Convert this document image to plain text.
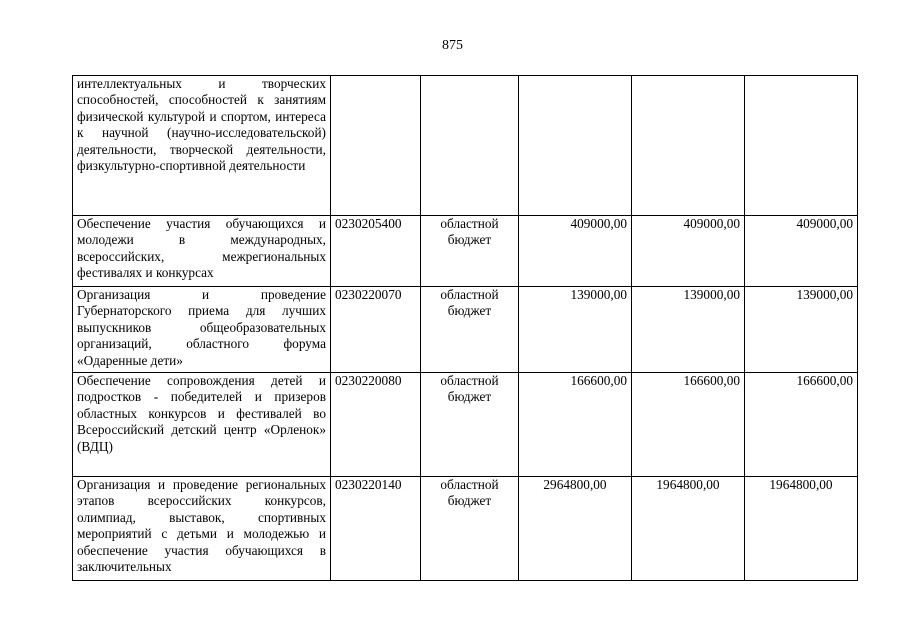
875
интеллектуальных и творческих способностей, способностей к занятиям физической культурой и спортом, интереса к научной (научно-исследовательской) деятельности, творческой деятельности, физкультурно-спортивной деятельности					
Обеспечение участия обучающихся и молодежи в международных, всероссийских, межрегиональных фестивалях и конкурсах	0230205400	областной бюджет	409000,00	409000,00	409000,00
Организация и проведение Губернаторского приема для лучших выпускников общеобразовательных организаций, областного форума «Одаренные дети»	0230220070	областной бюджет	139000,00	139000,00	139000,00
Обеспечение сопровождения детей и подростков - победителей и призеров областных конкурсов и фестивалей во Всероссийский детский центр «Орленок» (ВДЦ)	0230220080	областной бюджет	166600,00	166600,00	166600,00
Организация и проведение региональных этапов всероссийских конкурсов, олимпиад, выставок, спортивных мероприятий с детьми и молодежью и обеспечение участия обучающихся в заключительных	0230220140	областной бюджет	2964800,00	1964800,00	1964800,00
